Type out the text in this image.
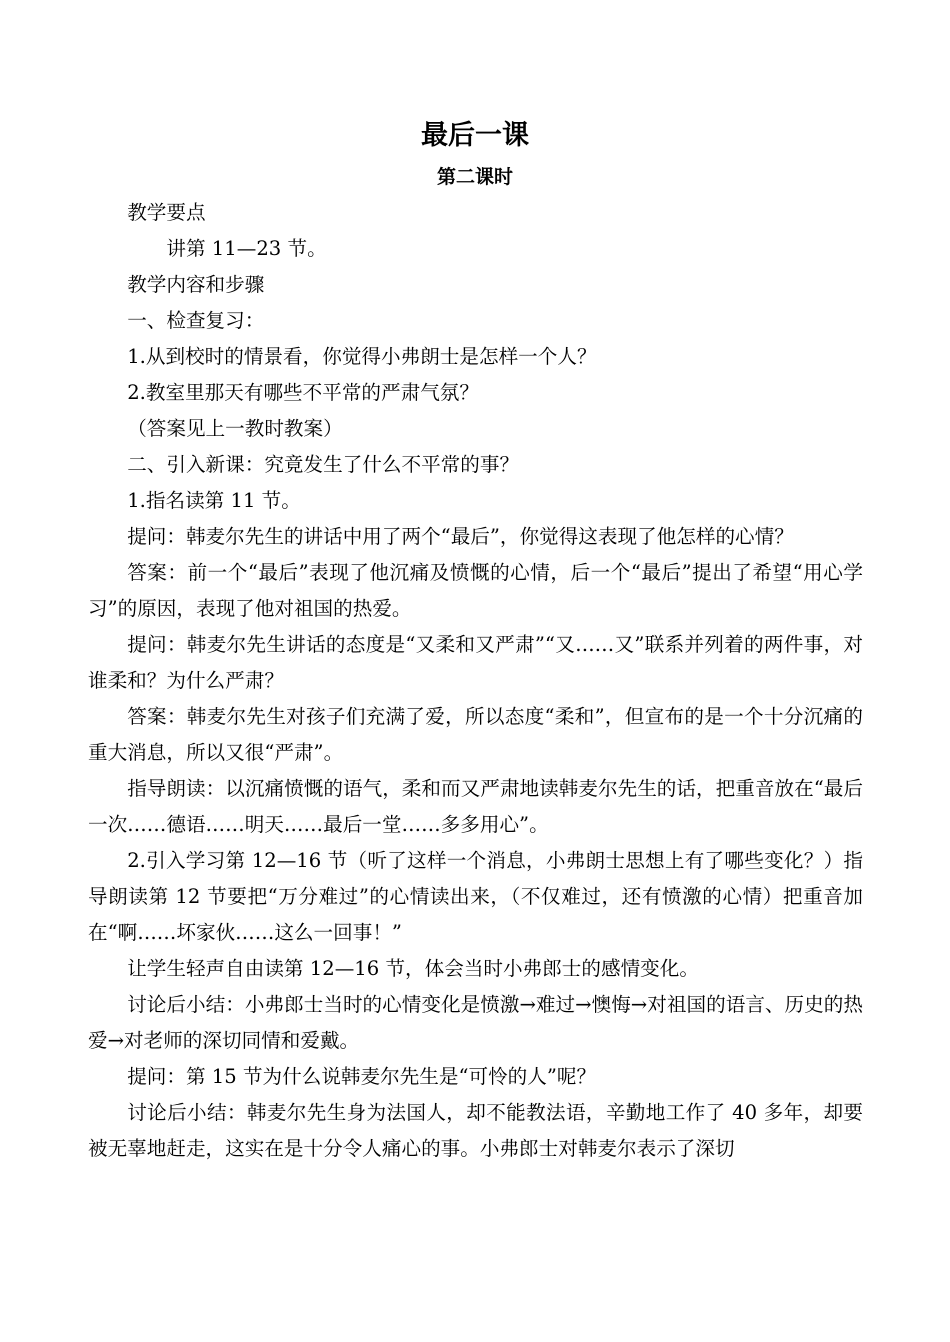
最后一课
第二课时

教学要点

讲第 11—23 节。

教学内容和步骤

一、检查复习：

1.从到校时的情景看，你觉得小弗朗士是怎样一个人？

2.教室里那天有哪些不平常的严肃气氛？

（答案见上一教时教案）

二、引入新课：究竟发生了什么不平常的事？

1.指名读第 11 节。

提问：韩麦尔先生的讲话中用了两个“最后”，你觉得这表现了他怎样的心情？

答案：前一个“最后”表现了他沉痛及愤慨的心情，后一个“最后”提出了希望“用心学习”的原因，表现了他对祖国的热爱。

提问：韩麦尔先生讲话的态度是“又柔和又严肃”“又……又”联系并列着的两件事，对谁柔和？为什么严肃？

答案：韩麦尔先生对孩子们充满了爱，所以态度“柔和”，但宣布的是一个十分沉痛的重大消息，所以又很“严肃”。

指导朗读：以沉痛愤慨的语气，柔和而又严肃地读韩麦尔先生的话，把重音放在“最后一次……德语……明天……最后一堂……多多用心”。

2.引入学习第 12—16 节（听了这样一个消息，小弗朗士思想上有了哪些变化？）指导朗读第 12 节要把“万分难过”的心情读出来，（不仅难过，还有愤激的心情）把重音加在“啊……坏家伙……这么一回事！”

让学生轻声自由读第 12—16 节，体会当时小弗郎士的感情变化。

讨论后小结：小弗郎士当时的心情变化是愤激→难过→懊悔→对祖国的语言、历史的热爱→对老师的深切同情和爱戴。

提问：第 15 节为什么说韩麦尔先生是“可怜的人”呢？

讨论后小结：韩麦尔先生身为法国人，却不能教法语，辛勤地工作了 40 多年，却要被无辜地赶走，这实在是十分令人痛心的事。小弗郎士对韩麦尔表示了深切
